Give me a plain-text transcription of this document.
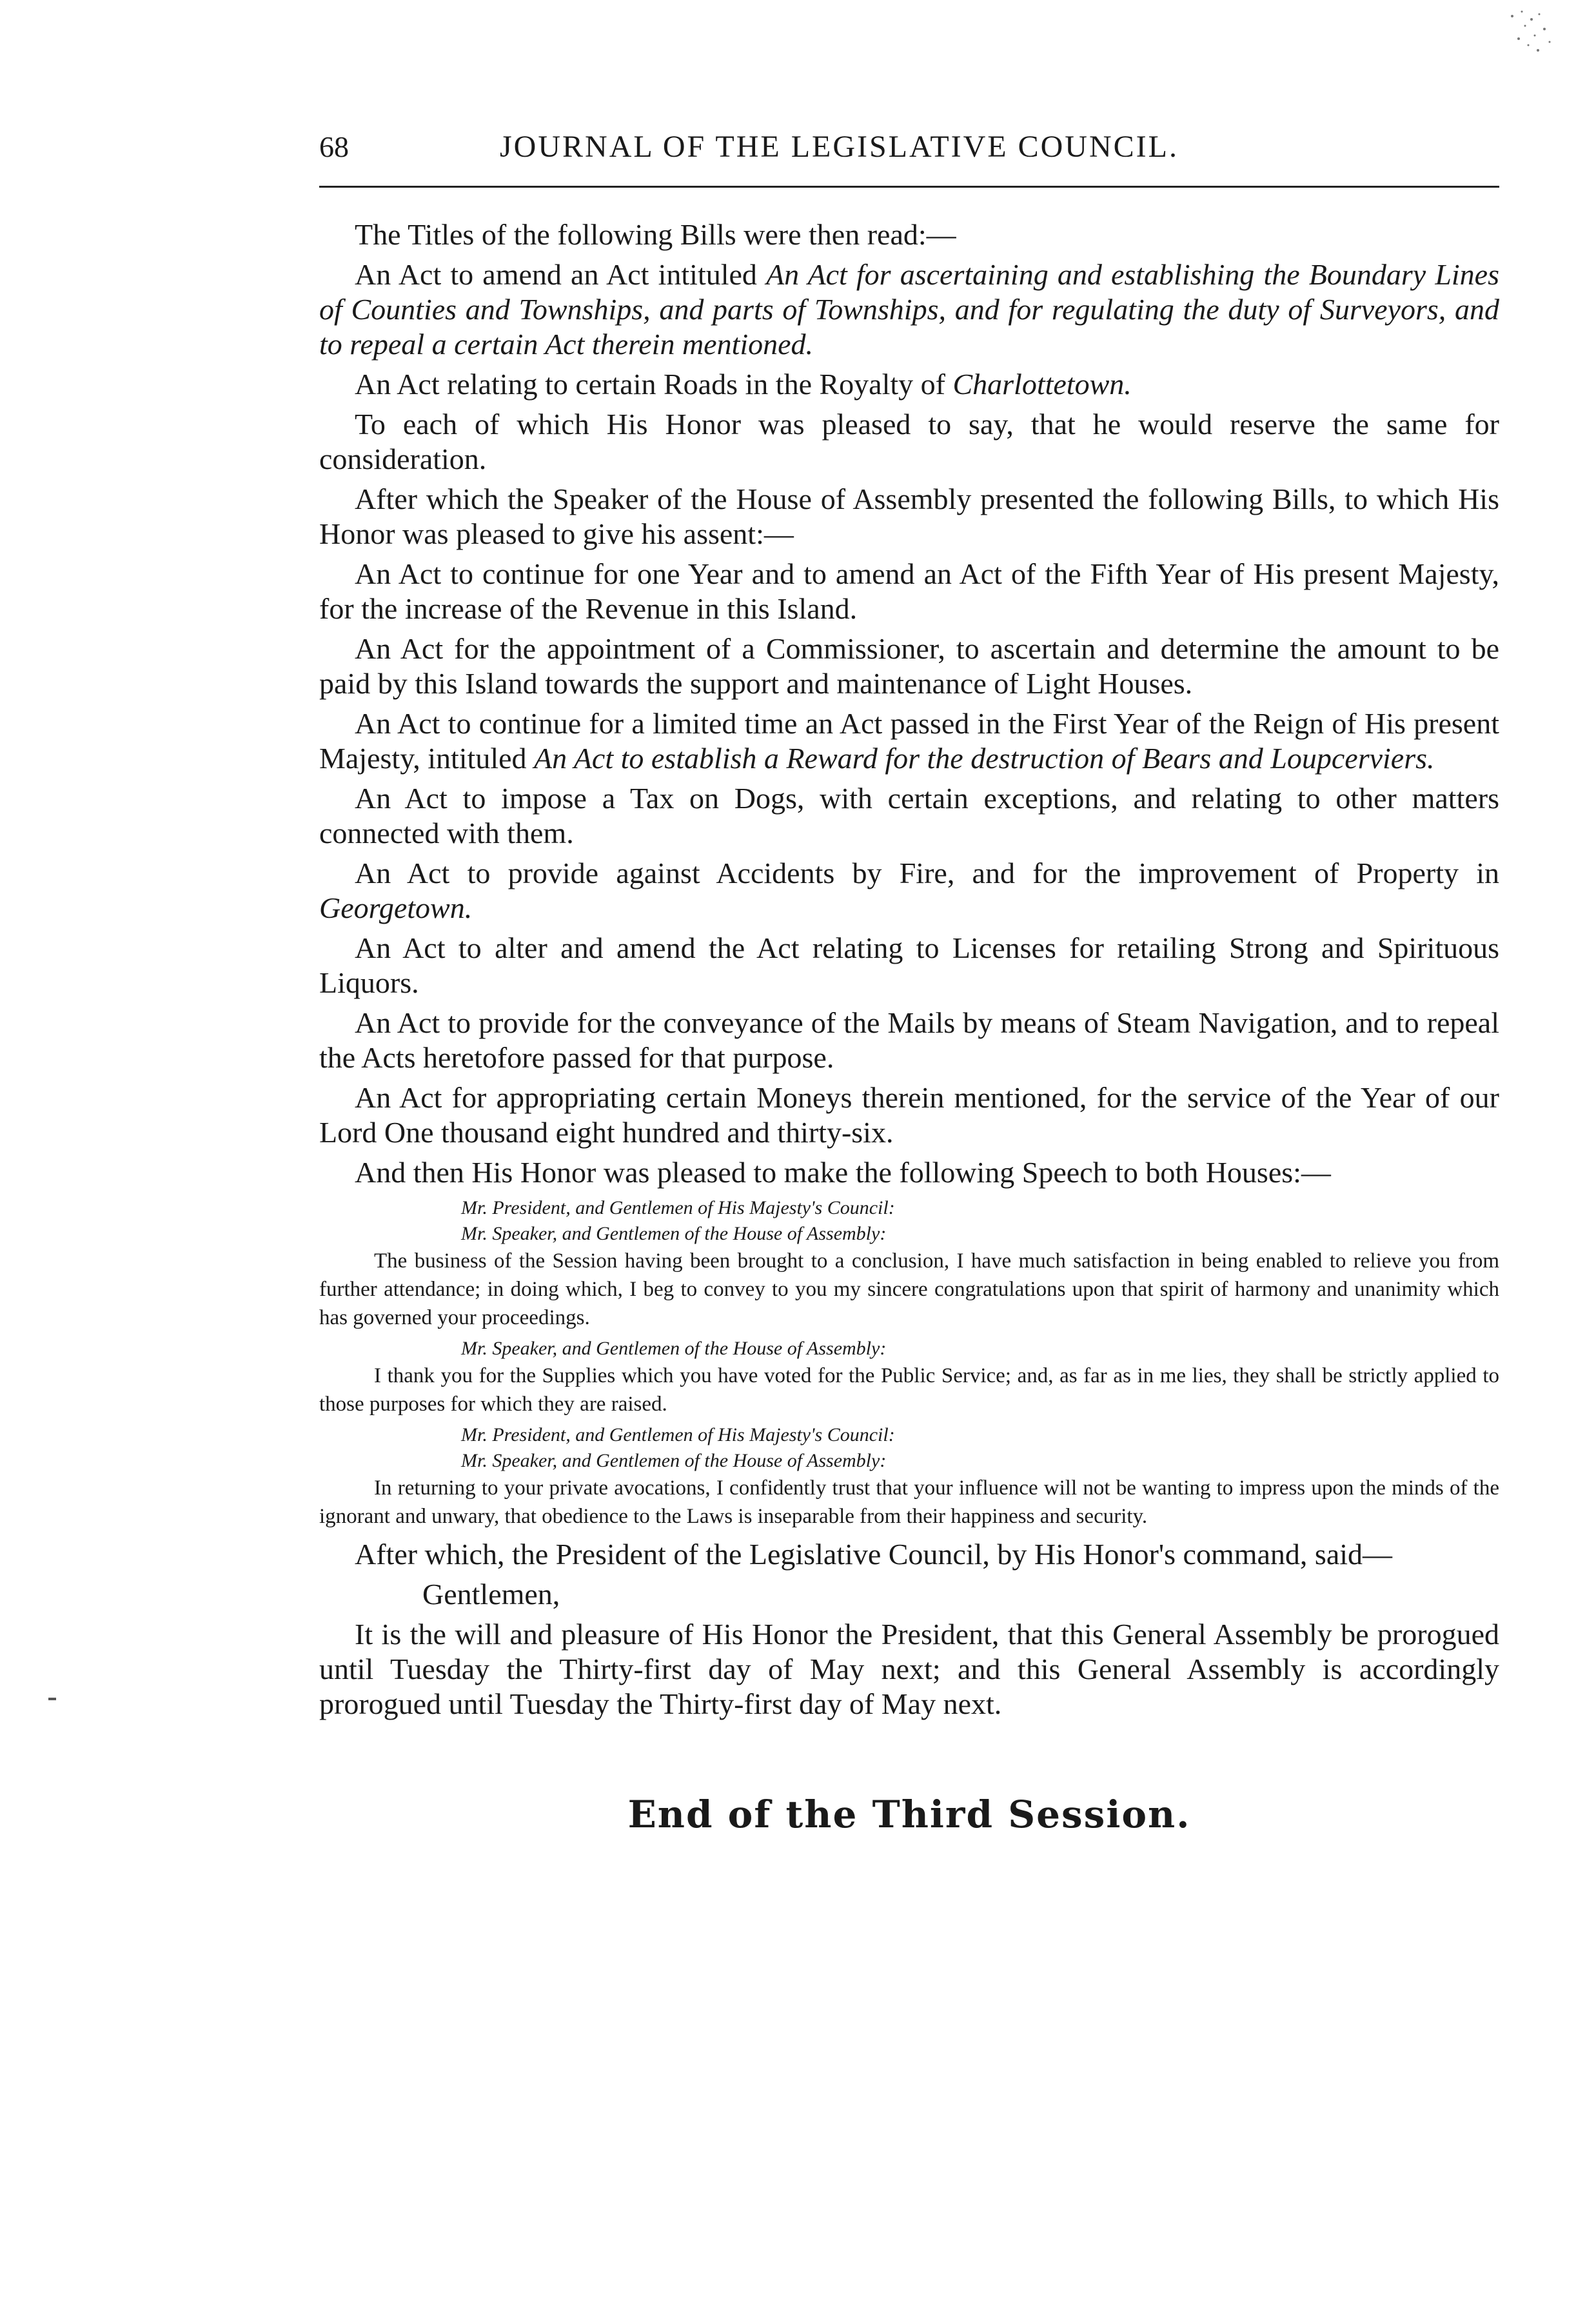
68	JOURNAL OF THE LEGISLATIVE COUNCIL.

The Titles of the following Bills were then read:—

An Act to amend an Act intituled An Act for ascertaining and establishing the Boundary Lines of Counties and Townships, and parts of Townships, and for regulating the duty of Surveyors, and to repeal a certain Act therein mentioned.

An Act relating to certain Roads in the Royalty of Charlottetown.

To each of which His Honor was pleased to say, that he would reserve the same for consideration.

After which the Speaker of the House of Assembly presented the following Bills, to which His Honor was pleased to give his assent:—

An Act to continue for one Year and to amend an Act of the Fifth Year of His present Majesty, for the increase of the Revenue in this Island.

An Act for the appointment of a Commissioner, to ascertain and determine the amount to be paid by this Island towards the support and maintenance of Light Houses.

An Act to continue for a limited time an Act passed in the First Year of the Reign of His present Majesty, intituled An Act to establish a Reward for the destruction of Bears and Loupcerviers.

An Act to impose a Tax on Dogs, with certain exceptions, and relating to other matters connected with them.

An Act to provide against Accidents by Fire, and for the improvement of Property in Georgetown.

An Act to alter and amend the Act relating to Licenses for retailing Strong and Spirituous Liquors.

An Act to provide for the conveyance of the Mails by means of Steam Navigation, and to repeal the Acts heretofore passed for that purpose.

An Act for appropriating certain Moneys therein mentioned, for the service of the Year of our Lord One thousand eight hundred and thirty-six.

And then His Honor was pleased to make the following Speech to both Houses:—

Mr. President, and Gentlemen of His Majesty's Council:

Mr. Speaker, and Gentlemen of the House of Assembly:

The business of the Session having been brought to a conclusion, I have much satisfaction in being enabled to relieve you from further attendance; in doing which, I beg to convey to you my sincere congratulations upon that spirit of harmony and unanimity which has governed your proceedings.

Mr. Speaker, and Gentlemen of the House of Assembly:

I thank you for the Supplies which you have voted for the Public Service; and, as far as in me lies, they shall be strictly applied to those purposes for which they are raised.

Mr. President, and Gentlemen of His Majesty's Council:

Mr. Speaker, and Gentlemen of the House of Assembly:

In returning to your private avocations, I confidently trust that your influence will not be wanting to impress upon the minds of the ignorant and unwary, that obedience to the Laws is inseparable from their happiness and security.

After which, the President of the Legislative Council, by His Honor's command, said—

Gentlemen,

It is the will and pleasure of His Honor the President, that this General Assembly be prorogued until Tuesday the Thirty-first day of May next; and this General Assembly is accordingly prorogued until Tuesday the Thirty-first day of May next.

End of the Third Session.
